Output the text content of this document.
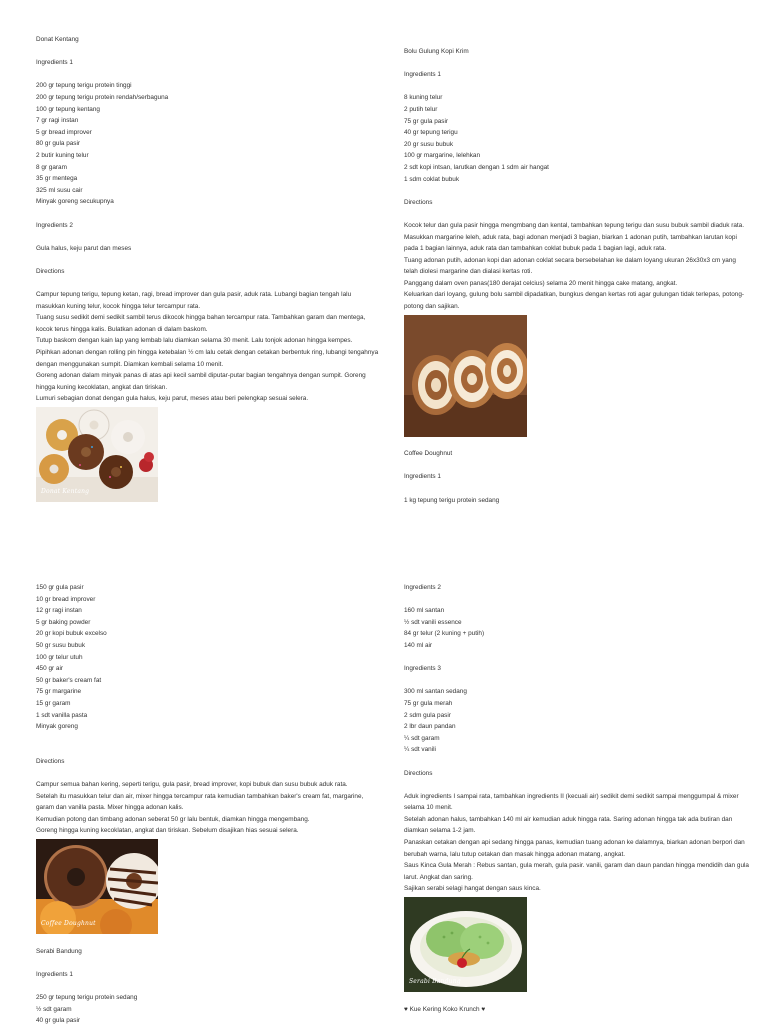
Donat Kentang

Ingredients 1

200 gr tepung terigu protein tinggi

200 gr tepung terigu protein rendah/serbaguna

100 gr tepung kentang

7 gr ragi instan

5 gr bread improver

80 gr gula pasir

2 butir kuning telur

8 gr garam

35 gr mentega

325 ml susu cair

Minyak goreng secukupnya

Ingredients 2

Gula halus, keju parut dan meses

Directions

Campur tepung terigu, tepung ketan, ragi, bread improver dan gula pasir, aduk rata. Lubangi bagian tengah lalu masukkan kuning telur, kocok hingga telur tercampur rata.

Tuang susu sedikit demi sedikit sambil terus dikocok hingga bahan tercampur rata. Tambahkan garam dan mentega, kocok terus hingga kalis. Bulatkan adonan di dalam baskom.

Tutup baskom dengan kain lap yang lembab lalu diamkan selama 30 menit. Lalu tonjok adonan hingga kempes.

Pipihkan adonan dengan rolling pin hingga ketebalan ½ cm lalu cetak dengan cetakan berbentuk ring, lubangi tengahnya dengan menggunakan sumpit. Diamkan kembali selama 10 menit.

Goreng adonan dalam minyak panas di atas api kecil sambil diputar-putar bagian tengahnya dengan sumpit. Goreng hingga kuning kecoklatan, angkat dan tiriskan.

Lumuri sebagian donat dengan gula halus, keju parut, meses atau beri pelengkap sesuai selera.

Donat Kentang

Bolu Gulung Kopi Krim

Ingredients 1

8 kuning telur

2 putih telur

75 gr gula pasir

40 gr tepung terigu

20 gr susu bubuk

100 gr margarine, lelehkan

2 sdt kopi intsan, larutkan dengan 1 sdm air hangat

1 sdm coklat bubuk

Directions

Kocok telur dan gula pasir hingga mengmbang dan kental, tambahkan tepung terigu dan susu bubuk sambil diaduk rata.

Masukkan margarine leleh, aduk rata, bagi adonan menjadi 3 bagian, biarkan 1 adonan putih, tambahkan larutan kopi pada 1 bagian lainnya, aduk rata dan tambahkan coklat bubuk pada 1 bagian lagi, aduk rata.

Tuang adonan putih, adonan kopi dan adonan coklat secara bersebelahan ke dalam loyang ukuran 26x30x3 cm yang telah diolesi margarine dan dialasi kertas roti.

Panggang dalam oven panas(180 derajat celcius) selama 20 menit hingga cake matang, angkat.

Keluarkan dari loyang, gulung bolu sambil dipadatkan, bungkus dengan kertas roti agar gulungan tidak terlepas, potong-potong dan sajikan.

Coffee Doughnut

Ingredients 1

1 kg tepung terigu protein sedang

150 gr gula pasir

10 gr bread improver

12 gr ragi instan

5 gr baking powder

20 gr kopi bubuk excelso

50 gr susu bubuk

100 gr telur utuh

450 gr air

50 gr baker's cream fat

75 gr margarine

15 gr garam

1 sdt vanilla pasta

Minyak goreng

Directions

Campur semua bahan kering, seperti terigu, gula pasir, bread improver, kopi bubuk dan susu bubuk aduk rata.

Setelah itu masukkan telur dan air, mixer hingga tercampur rata kemudian tambahkan baker's cream fat, margarine, garam dan vanilla pasta. Mixer hingga adonan kalis.

Kemudian potong dan timbang adonan seberat 50 gr lalu bentuk, diamkan hingga mengembang.

Goreng hingga kuning kecoklatan, angkat dan tiriskan. Sebelum disajikan hias sesuai selera.

Coffee Doughnut

Serabi Bandung

Ingredients 1

250 gr tepung terigu protein sedang

½ sdt garam

40 gr gula pasir

Ingredients 2

160 ml santan

½ sdt vanili essence

84 gr telur (2 kuning + putih)

140 ml air

Ingredients 3

300 ml santan sedang

75 gr gula merah

2 sdm gula pasir

2 lbr daun pandan

¼ sdt garam

¼ sdt vanili

Directions

Aduk ingredients I sampai rata, tambahkan ingredients II (kecuali air) sedikit demi sedikit sampai menggumpal & mixer selama 10 menit.

Setelah adonan halus, tambahkan 140 ml air kemudian aduk hingga rata. Saring adonan hingga tak ada butiran dan diamkan selama 1-2 jam.

Panaskan cetakan dengan api sedang hingga panas, kemudian tuang adonan ke dalamnya, biarkan adonan berpori dan berubah warna, lalu tutup cetakan dan masak hingga adonan matang, angkat.

Saus Kinca Gula Merah : Rebus santan, gula merah, gula pasir. vanili, garam dan daun pandan hingga mendidih dan gula larut. Angkat dan saring.

Sajikan serabi selagi hangat dengan saus kinca.

Serabi Bandung

♥ Kue Kering Koko Krunch ♥
